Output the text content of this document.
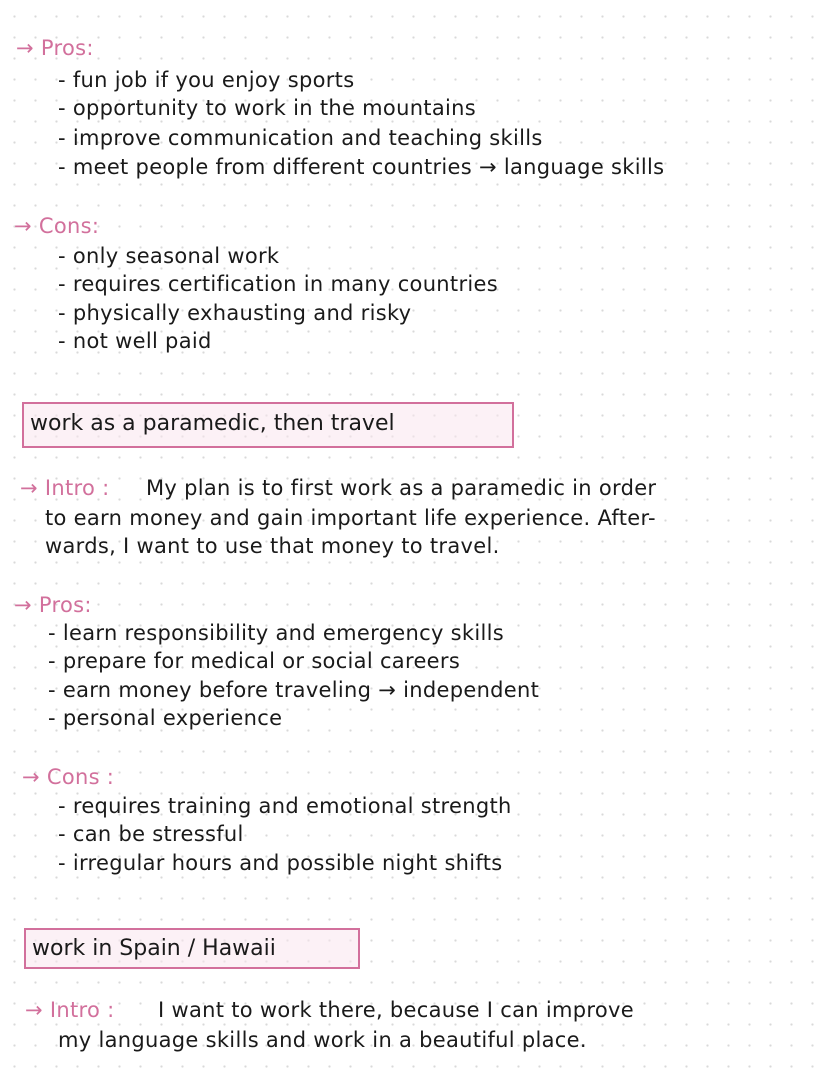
→ Pros:
- fun job if you enjoy sports
- opportunity to work in the mountains
- improve communication and teaching skills
- meet people from different countries → language skills
→ Cons:
- only seasonal work
- requires certification in many countries
- physically exhausting and risky
- not well paid
work as a paramedic, then travel
→ Intro : My plan is to first work as a paramedic in order
to earn money and gain important life experience. After-
wards, I want to use that money to travel.
→ Pros:
- learn responsibility and emergency skills
- prepare for medical or social careers
- earn money before traveling → independent
- personal experience
→ Cons :
- requires training and emotional strength
- can be stressful
- irregular hours and possible night shifts
work in Spain / Hawaii
→ Intro : I want to work there, because I can improve
my language skills and work in a beautiful place.
